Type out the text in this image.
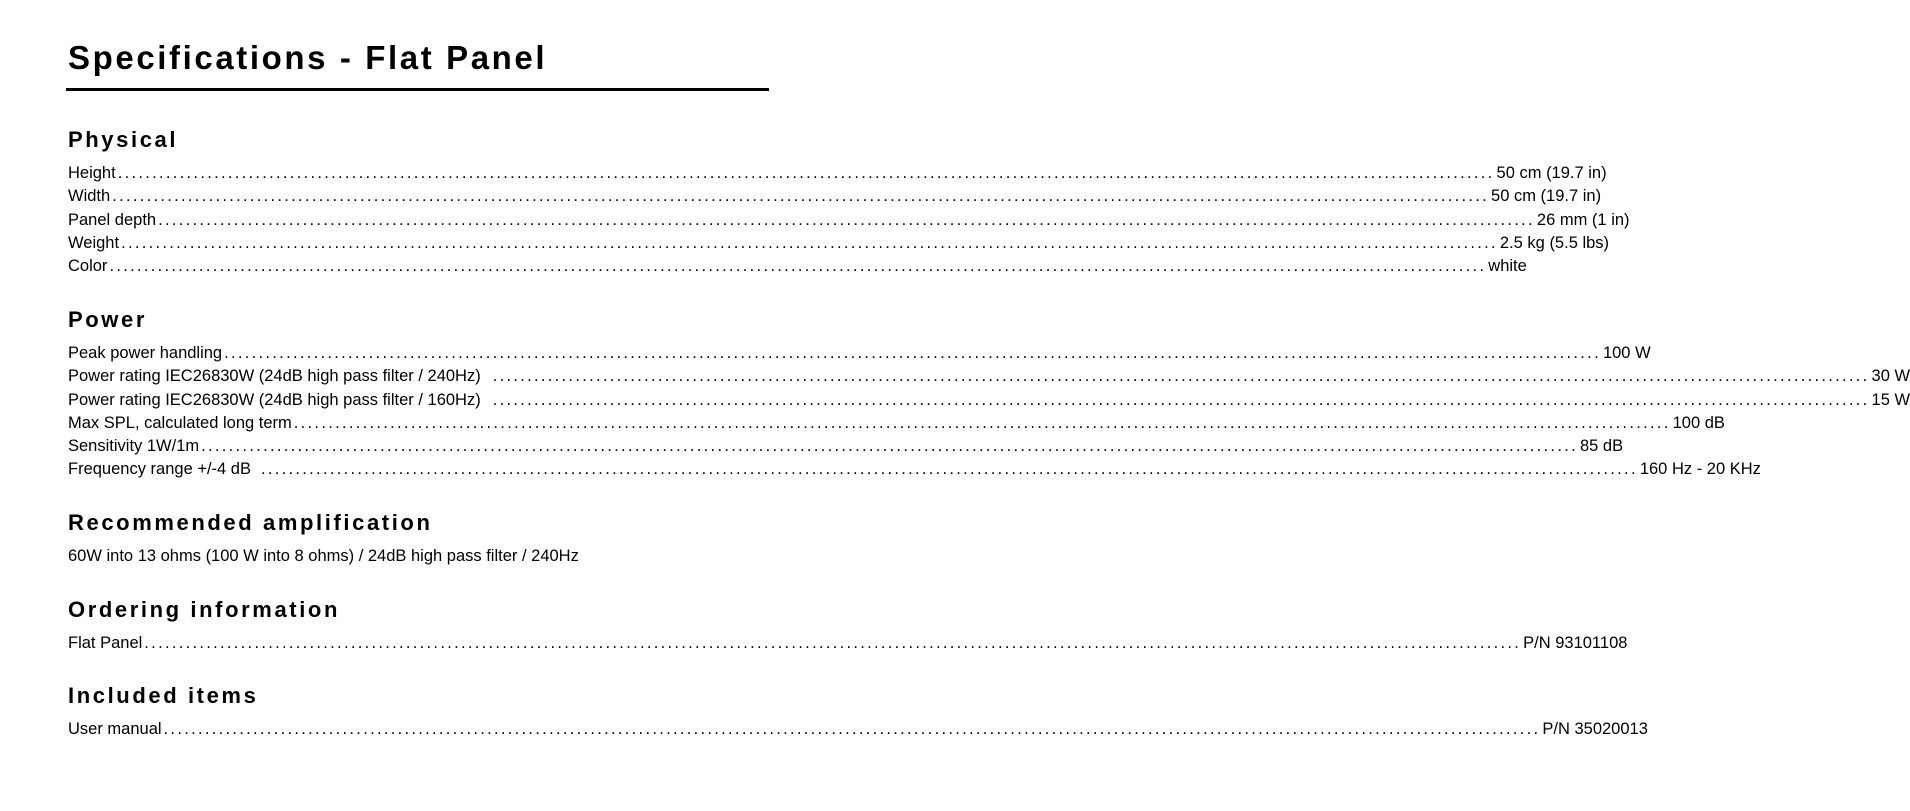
Specifications - Flat Panel
Physical
Height ........................................................................................................................................................................................................ 50 cm (19.7 in)
Width ........................................................................................................................................................................................................ 50 cm (19.7 in)
Panel depth ........................................................................................................................................................................................................ 26 mm (1 in)
Weight ........................................................................................................................................................................................................ 2.5 kg (5.5 lbs)
Color ........................................................................................................................................................................................................ white
Power
Peak power handling ........................................................................................................................................................................................................ 100 W
Power rating IEC26830W (24dB high pass filter / 240Hz) ........................................................................................................................................................................................................ 30 W
Power rating IEC26830W (24dB high pass filter / 160Hz) ........................................................................................................................................................................................................ 15 W
Max SPL, calculated long term ........................................................................................................................................................................................................ 100 dB
Sensitivity 1W/1m ........................................................................................................................................................................................................ 85 dB
Frequency range +/-4 dB ........................................................................................................................................................................................................ 160 Hz - 20 KHz
Recommended amplification
60W into 13 ohms (100 W into 8 ohms) / 24dB high pass filter / 240Hz
Ordering information
Flat Panel ........................................................................................................................................................................................................ P/N 93101108
Included items
User manual ........................................................................................................................................................................................................ P/N 35020013
